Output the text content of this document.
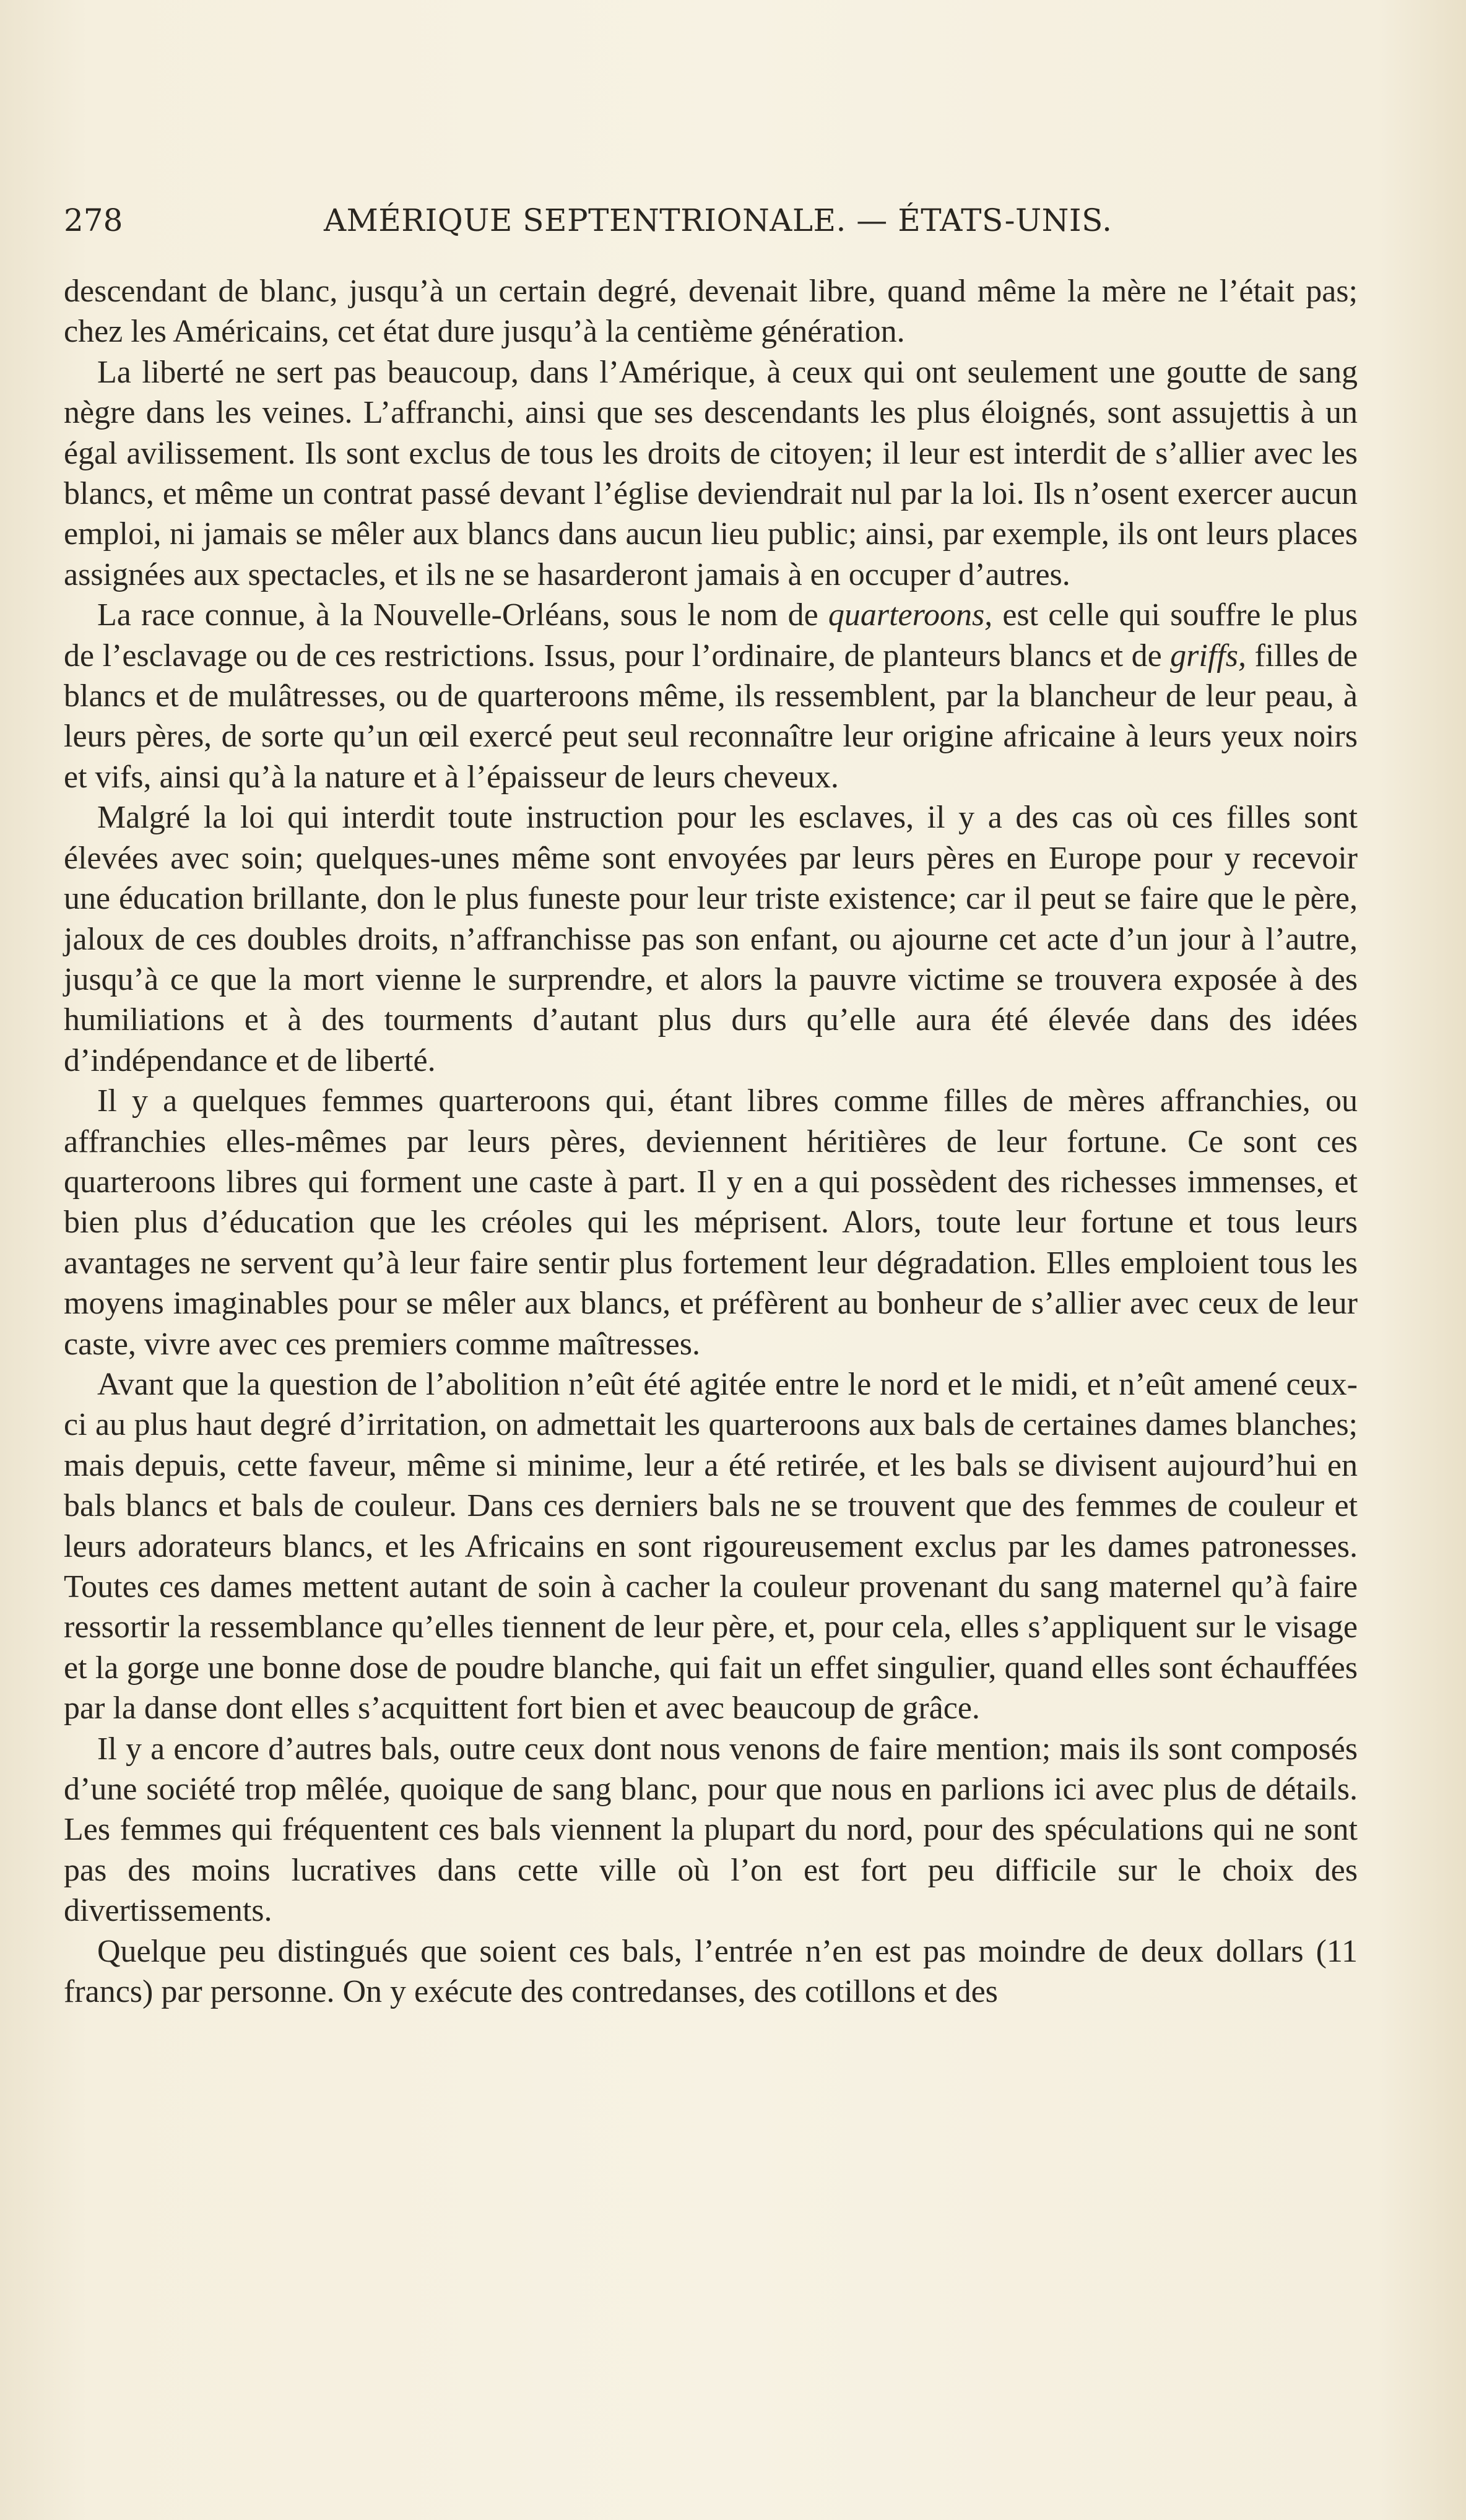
278	AMÉRIQUE SEPTENTRIONALE. — ÉTATS-UNIS.

descendant de blanc, jusqu’à un certain degré, devenait libre, quand même la mère ne l’était pas; chez les Américains, cet état dure jusqu’à la centième génération.

La liberté ne sert pas beaucoup, dans l’Amérique, à ceux qui ont seulement une goutte de sang nègre dans les veines. L’affranchi, ainsi que ses descendants les plus éloignés, sont assujettis à un égal avilissement. Ils sont exclus de tous les droits de citoyen; il leur est interdit de s’allier avec les blancs, et même un contrat passé devant l’église deviendrait nul par la loi. Ils n’osent exercer aucun emploi, ni jamais se mêler aux blancs dans aucun lieu public; ainsi, par exemple, ils ont leurs places assignées aux spectacles, et ils ne se hasarderont jamais à en occuper d’autres.

La race connue, à la Nouvelle-Orléans, sous le nom de quarteroons, est celle qui souffre le plus de l’esclavage ou de ces restrictions. Issus, pour l’ordinaire, de planteurs blancs et de griffs, filles de blancs et de mulâtresses, ou de quarteroons même, ils ressemblent, par la blancheur de leur peau, à leurs pères, de sorte qu’un œil exercé peut seul reconnaître leur origine africaine à leurs yeux noirs et vifs, ainsi qu’à la nature et à l’épaisseur de leurs cheveux.

Malgré la loi qui interdit toute instruction pour les esclaves, il y a des cas où ces filles sont élevées avec soin; quelques-unes même sont envoyées par leurs pères en Europe pour y recevoir une éducation brillante, don le plus funeste pour leur triste existence; car il peut se faire que le père, jaloux de ces doubles droits, n’affranchisse pas son enfant, ou ajourne cet acte d’un jour à l’autre, jusqu’à ce que la mort vienne le surprendre, et alors la pauvre victime se trouvera exposée à des humiliations et à des tourments d’autant plus durs qu’elle aura été élevée dans des idées d’indépendance et de liberté.

Il y a quelques femmes quarteroons qui, étant libres comme filles de mères affranchies, ou affranchies elles-mêmes par leurs pères, deviennent héritières de leur fortune. Ce sont ces quarteroons libres qui forment une caste à part. Il y en a qui possèdent des richesses immenses, et bien plus d’éducation que les créoles qui les méprisent. Alors, toute leur fortune et tous leurs avantages ne servent qu’à leur faire sentir plus fortement leur dégradation. Elles emploient tous les moyens imaginables pour se mêler aux blancs, et préfèrent au bonheur de s’allier avec ceux de leur caste, vivre avec ces premiers comme maîtresses.

Avant que la question de l’abolition n’eût été agitée entre le nord et le midi, et n’eût amené ceux-ci au plus haut degré d’irritation, on admettait les quarteroons aux bals de certaines dames blanches; mais depuis, cette faveur, même si minime, leur a été retirée, et les bals se divisent aujourd’hui en bals blancs et bals de couleur. Dans ces derniers bals ne se trouvent que des femmes de couleur et leurs adorateurs blancs, et les Africains en sont rigoureusement exclus par les dames patronesses. Toutes ces dames mettent autant de soin à cacher la couleur provenant du sang maternel qu’à faire ressortir la ressemblance qu’elles tiennent de leur père, et, pour cela, elles s’appliquent sur le visage et la gorge une bonne dose de poudre blanche, qui fait un effet singulier, quand elles sont échauffées par la danse dont elles s’acquittent fort bien et avec beaucoup de grâce.

Il y a encore d’autres bals, outre ceux dont nous venons de faire mention; mais ils sont composés d’une société trop mêlée, quoique de sang blanc, pour que nous en parlions ici avec plus de détails. Les femmes qui fréquentent ces bals viennent la plupart du nord, pour des spéculations qui ne sont pas des moins lucratives dans cette ville où l’on est fort peu difficile sur le choix des divertissements.

Quelque peu distingués que soient ces bals, l’entrée n’en est pas moindre de deux dollars (11 francs) par personne. On y exécute des contredanses, des cotillons et des
